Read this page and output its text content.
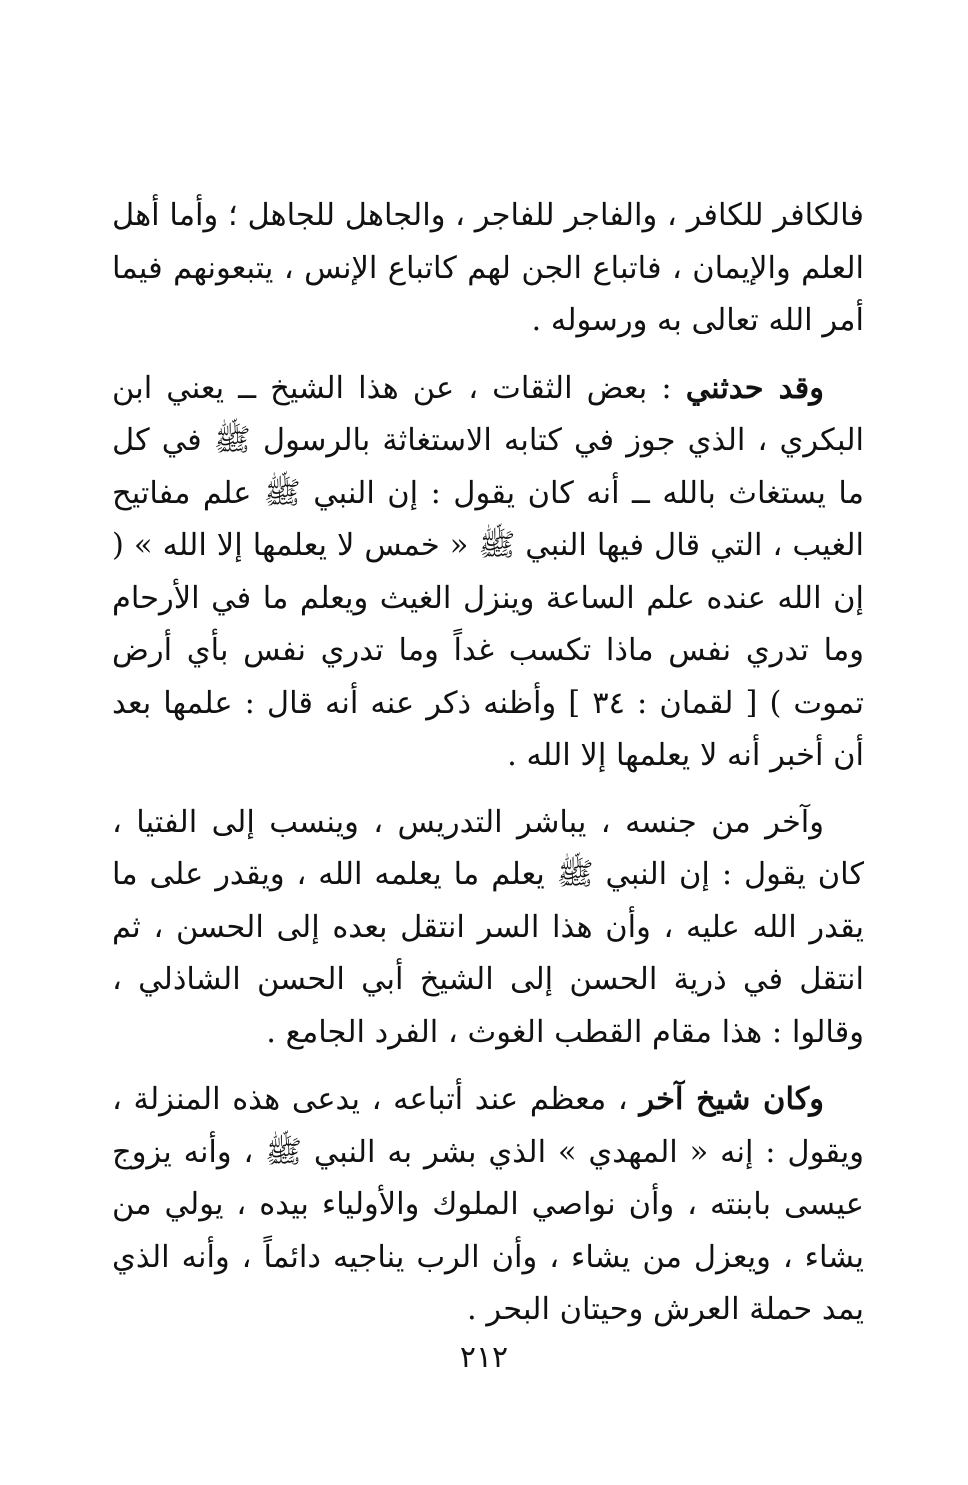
فالكافر للكافر ، والفاجر للفاجر ، والجاهل للجاهل ؛ وأما أهل العلم والإيمان ، فاتباع الجن لهم كاتباع الإنس ، يتبعونهم فيما أمر الله تعالى به ورسوله .

وقد حدثني : بعض الثقات ، عن هذا الشيخ ــ يعني ابن البكري ، الذي جوز في كتابه الاستغاثة بالرسول ﷺ في كل ما يستغاث بالله ــ أنه كان يقول : إن النبي ﷺ علم مفاتيح الغيب ، التي قال فيها النبي ﷺ « خمس لا يعلمها إلا الله » ( إن الله عنده علم الساعة وينزل الغيث ويعلم ما في الأرحام وما تدري نفس ماذا تكسب غداً وما تدري نفس بأي أرض تموت ) [ لقمان : ٣٤ ] وأظنه ذكر عنه أنه قال : علمها بعد أن أخبر أنه لا يعلمها إلا الله .

وآخر من جنسه ، يباشر التدريس ، وينسب إلى الفتيا ، كان يقول : إن النبي ﷺ يعلم ما يعلمه الله ، ويقدر على ما يقدر الله عليه ، وأن هذا السر انتقل بعده إلى الحسن ، ثم انتقل في ذرية الحسن إلى الشيخ أبي الحسن الشاذلي ، وقالوا : هذا مقام القطب الغوث ، الفرد الجامع .

وكان شيخ آخر ، معظم عند أتباعه ، يدعى هذه المنزلة ، ويقول : إنه « المهدي » الذي بشر به النبي ﷺ ، وأنه يزوج عيسى بابنته ، وأن نواصي الملوك والأولياء بيده ، يولي من يشاء ، ويعزل من يشاء ، وأن الرب يناجيه دائماً ، وأنه الذي يمد حملة العرش وحيتان البحر .

٢١٢
